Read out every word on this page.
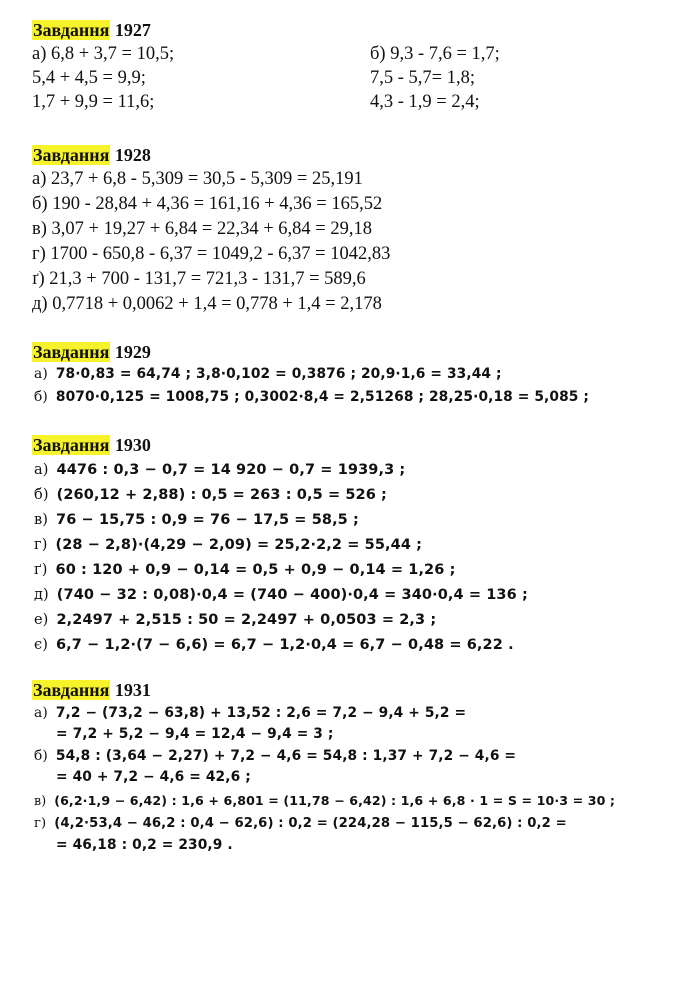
Завдання 1927
а) 6,8 + 3,7 = 10,5;
5,4 + 4,5 = 9,9;
1,7 + 9,9 = 11,6;
б) 9,3 - 7,6 = 1,7;
7,5 - 5,7= 1,8;
4,3 - 1,9 = 2,4;
Завдання 1928
а) 23,7 + 6,8 - 5,309 = 30,5 - 5,309 = 25,191
б) 190 - 28,84 + 4,36 = 161,16 + 4,36 = 165,52
в) 3,07 + 19,27 + 6,84 = 22,34 + 6,84 = 29,18
г) 1700 - 650,8 - 6,37 = 1049,2 - 6,37 = 1042,83
ґ) 21,3 + 700 - 131,7 = 721,3 - 131,7 = 589,6
д) 0,7718 + 0,0062 + 1,4 = 0,778 + 1,4 = 2,178
Завдання 1929
а) 78·0,83 = 64,74 ; 3,8·0,102 = 0,3876 ; 20,9·1,6 = 33,44 ;
б) 8070·0,125 = 1008,75 ; 0,3002·8,4 = 2,51268 ; 28,25·0,18 = 5,085 ;
Завдання 1930
а) 4476 : 0,3 − 0,7 = 14 920 − 0,7 = 1939,3 ;
б) (260,12 + 2,88) : 0,5 = 263 : 0,5 = 526 ;
в) 76 − 15,75 : 0,9 = 76 − 17,5 = 58,5 ;
г) (28 − 2,8)·(4,29 − 2,09) = 25,2·2,2 = 55,44 ;
ґ) 60 : 120 + 0,9 − 0,14 = 0,5 + 0,9 − 0,14 = 1,26 ;
д) (740 − 32 : 0,08)·0,4 = (740 − 400)·0,4 = 340·0,4 = 136 ;
е) 2,2497 + 2,515 : 50 = 2,2497 + 0,0503 = 2,3 ;
є) 6,7 − 1,2·(7 − 6,6) = 6,7 − 1,2·0,4 = 6,7 − 0,48 = 6,22 .
Завдання 1931
а) 7,2 − (73,2 − 63,8) + 13,52 : 2,6 = 7,2 − 9,4 + 5,2 =
= 7,2 + 5,2 − 9,4 = 12,4 − 9,4 = 3 ;
б) 54,8 : (3,64 − 2,27) + 7,2 − 4,6 = 54,8 : 1,37 + 7,2 − 4,6 =
= 40 + 7,2 − 4,6 = 42,6 ;
в) (6,2·1,9 − 6,42) : 1,6 + 6,801 = (11,78 − 6,42) : 1,6 + 6,8 · 1 = S = 10·3 = 30 ;
г) (4,2·53,4 − 46,2 : 0,4 − 62,6) : 0,2 = (224,28 − 115,5 − 62,6) : 0,2 =
= 46,18 : 0,2 = 230,9 .
